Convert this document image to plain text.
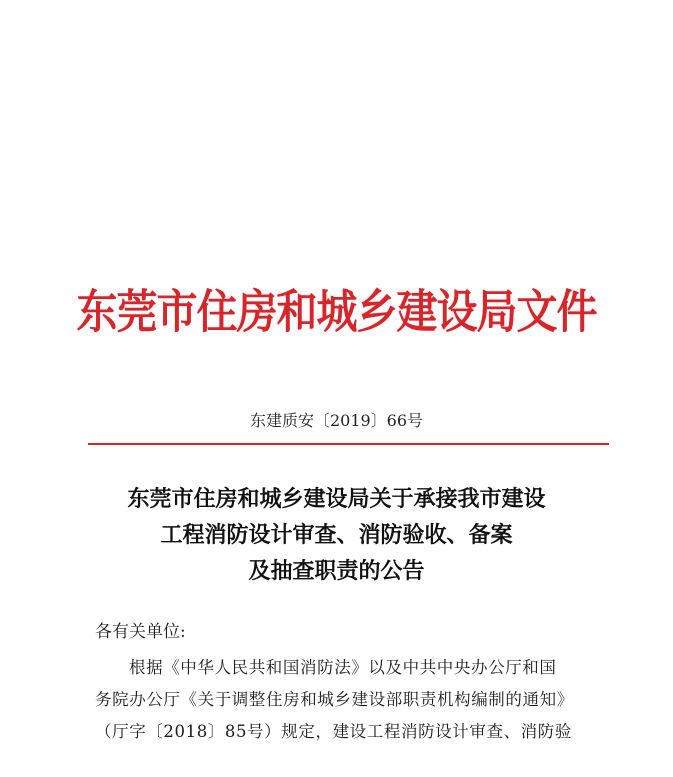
东莞市住房和城乡建设局文件
东建质安〔2019〕66号
东莞市住房和城乡建设局关于承接我市建设
工程消防设计审查、消防验收、备案
及抽查职责的公告
各有关单位:
根据《中华人民共和国消防法》以及中共中央办公厅和国
务院办公厅《关于调整住房和城乡建设部职责机构编制的通知》
（厅字〔2018〕85号）规定，建设工程消防设计审查、消防验
